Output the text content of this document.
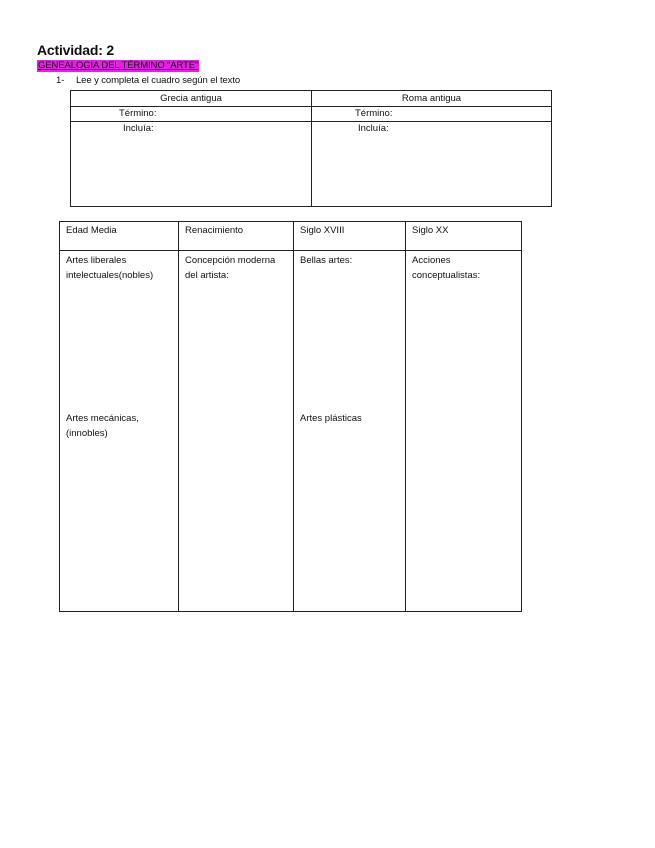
Actividad: 2
GENEALOGIA DEL TÉRMINO “ARTE”
1- Lee y completa el cuadro según el texto
Grecia antigua
Término:
Incluía:
Roma antigua
Término:
Incluía:
Edad Media
Artes liberales intelectuales(nobles)
Artes mecánicas, (innobles)
Renacimiento
Concepción moderna del artista:
Siglo XVIII
Bellas artes:
Artes plásticas
Siglo XX
Acciones conceptualistas:
